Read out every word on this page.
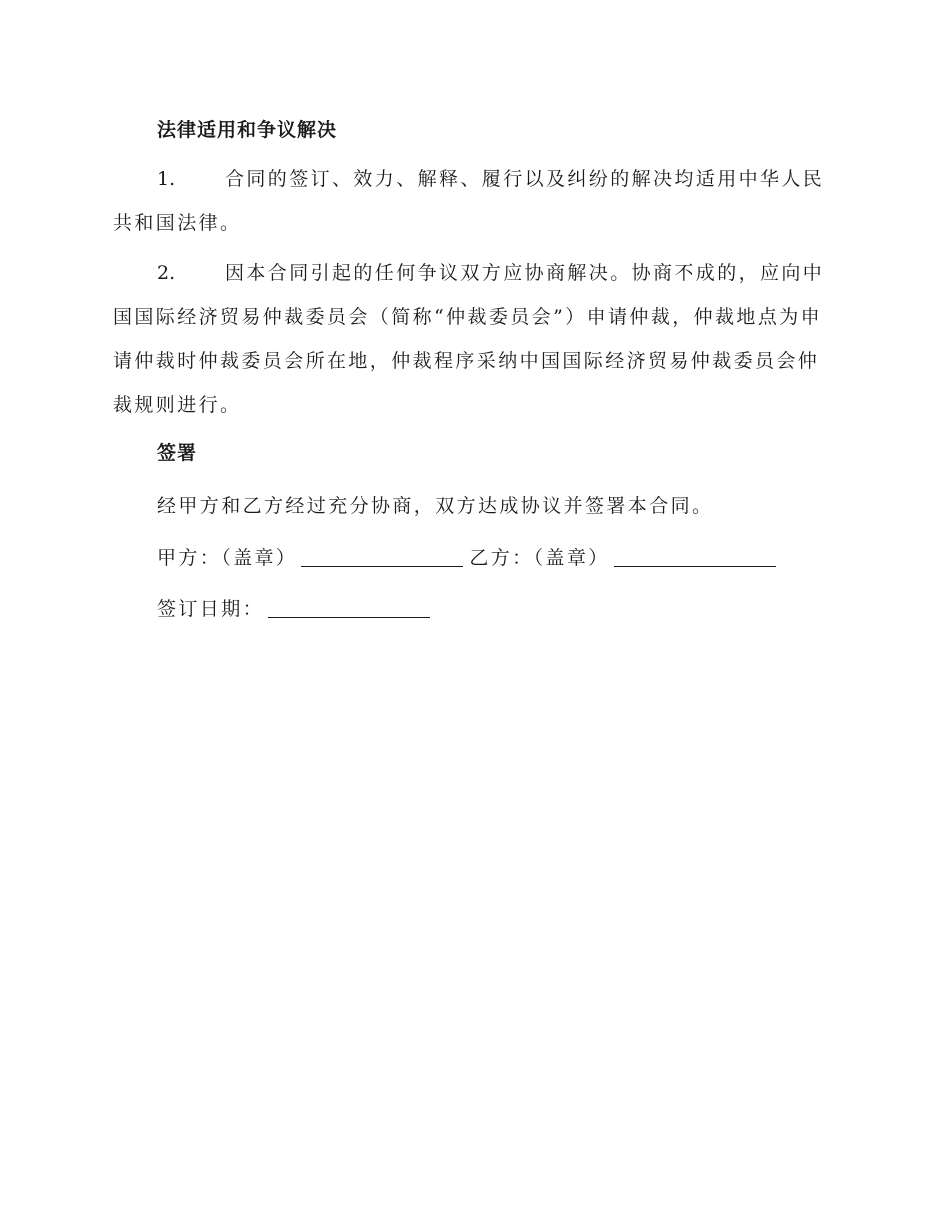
法律适用和争议解决
1.	合同的签订、效力、解释、履行以及纠纷的解决均适用中华人民共和国法律。
2.	因本合同引起的任何争议双方应协商解决。协商不成的，应向中国国际经济贸易仲裁委员会（简称“仲裁委员会”）申请仲裁，仲裁地点为申请仲裁时仲裁委员会所在地，仲裁程序采纳中国国际经济贸易仲裁委员会仲裁规则进行。
签署
经甲方和乙方经过充分协商，双方达成协议并签署本合同。
甲方：（盖章）	乙方：（盖章）
签订日期：
